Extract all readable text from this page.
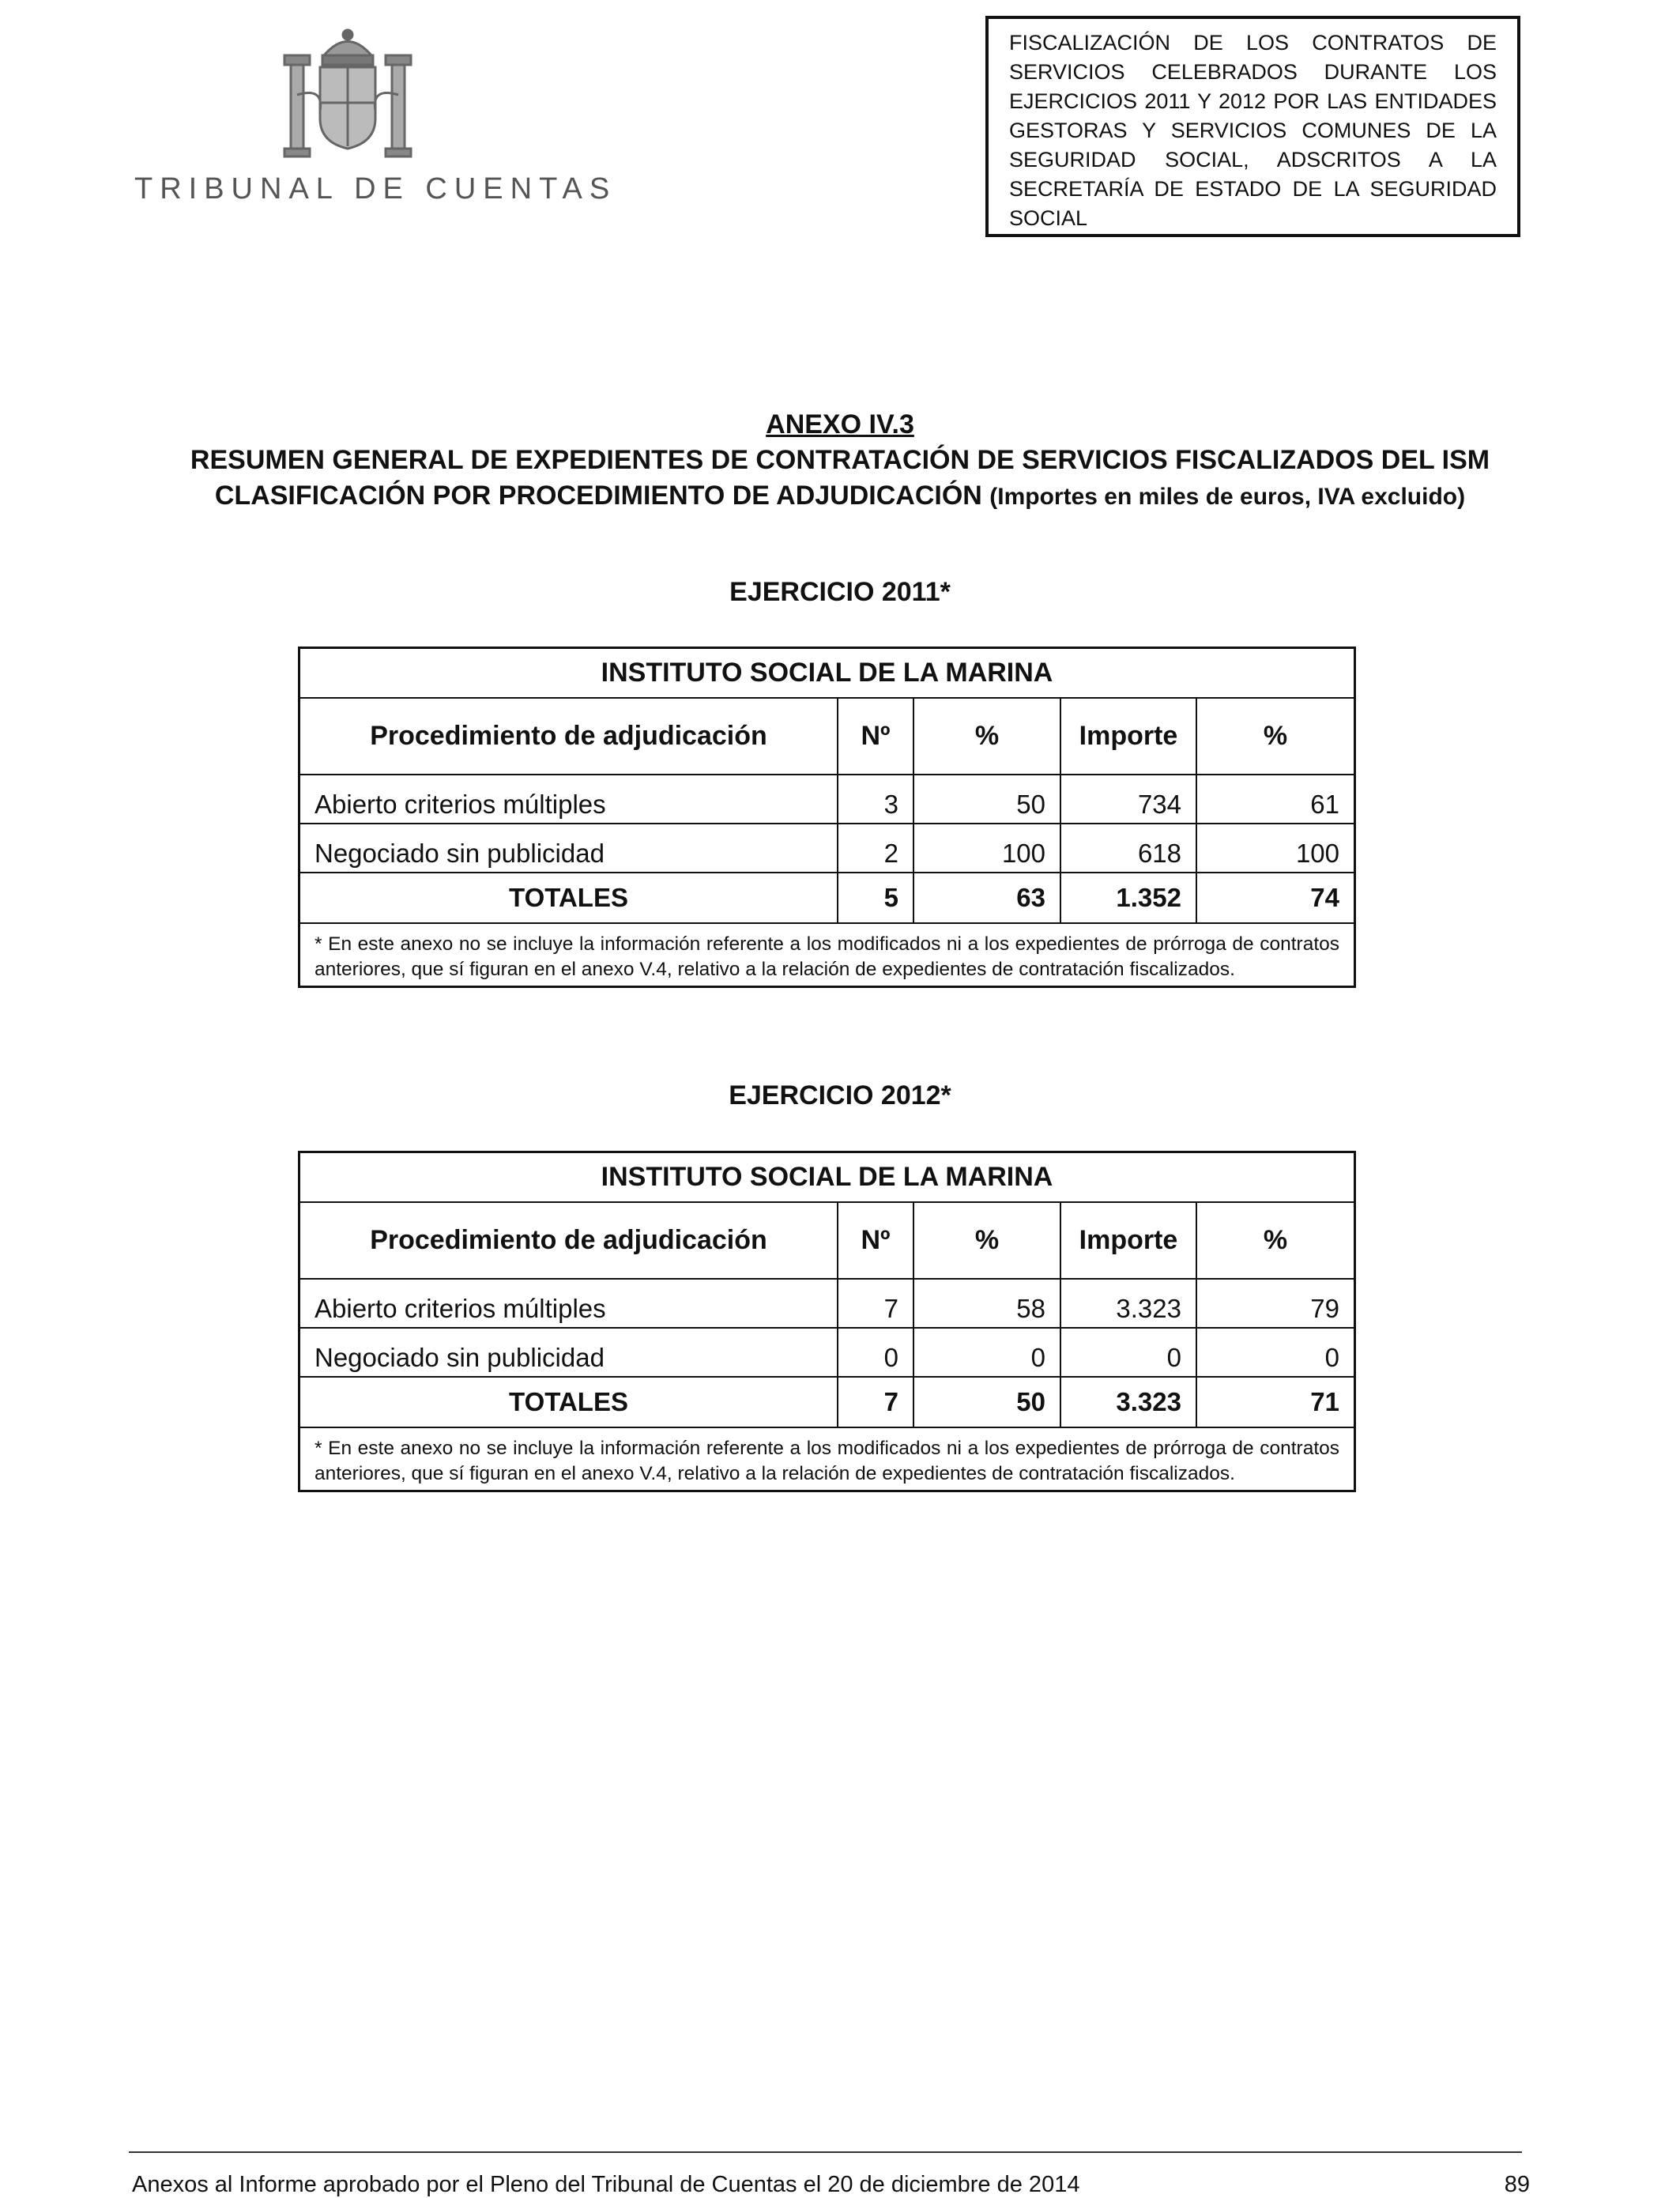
TRIBUNAL DE CUENTAS
FISCALIZACIÓN DE LOS CONTRATOS DE SERVICIOS CELEBRADOS DURANTE LOS EJERCICIOS 2011 Y 2012 POR LAS ENTIDADES GESTORAS Y SERVICIOS COMUNES DE LA SEGURIDAD SOCIAL, ADSCRITOS A LA SECRETARÍA DE ESTADO DE LA SEGURIDAD SOCIAL
ANEXO IV.3
RESUMEN GENERAL DE EXPEDIENTES DE CONTRATACIÓN DE SERVICIOS FISCALIZADOS DEL ISM
CLASIFICACIÓN POR PROCEDIMIENTO DE ADJUDICACIÓN (Importes en miles de euros, IVA excluido)
EJERCICIO 2011*
INSTITUTO SOCIAL DE LA MARINA				
Procedimiento de adjudicación	Nº	%	Importe	%
Abierto criterios múltiples	3	50	734	61
Negociado sin publicidad	2	100	618	100
TOTALES	5	63	1.352	74
* En este anexo no se incluye la información referente a los modificados ni a los expedientes de prórroga de contratos anteriores, que sí figuran en el anexo V.4, relativo a la relación de expedientes de contratación fiscalizados.				
EJERCICIO 2012*
INSTITUTO SOCIAL DE LA MARINA				
Procedimiento de adjudicación	Nº	%	Importe	%
Abierto criterios múltiples	7	58	3.323	79
Negociado sin publicidad	0	0	0	0
TOTALES	7	50	3.323	71
* En este anexo no se incluye la información referente a los modificados ni a los expedientes de prórroga de contratos anteriores, que sí figuran en el anexo V.4, relativo a la relación de expedientes de contratación fiscalizados.				
Anexos al Informe aprobado por el Pleno del Tribunal de Cuentas el 20 de diciembre de 2014	89
